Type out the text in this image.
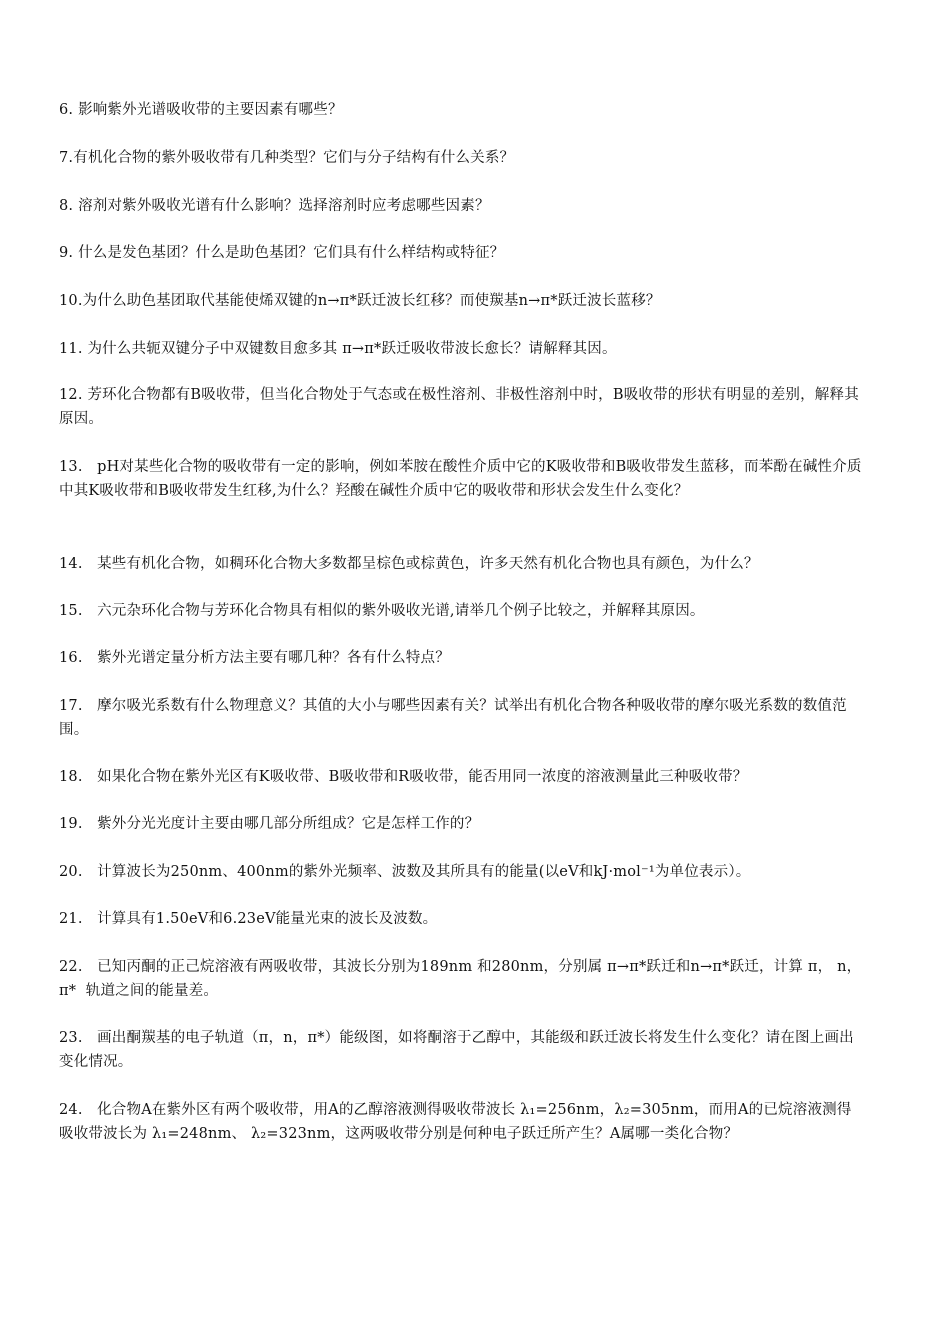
6. 影响紫外光谱吸收带的主要因素有哪些？

7.有机化合物的紫外吸收带有几种类型？它们与分子结构有什么关系？

8. 溶剂对紫外吸收光谱有什么影响？选择溶剂时应考虑哪些因素？

9. 什么是发色基团？什么是助色基团？它们具有什么样结构或特征？

10.为什么助色基团取代基能使烯双键的n→π*跃迁波长红移？而使羰基n→π*跃迁波长蓝移？

11. 为什么共轭双键分子中双键数目愈多其 π→π*跃迁吸收带波长愈长？请解释其因。

12. 芳环化合物都有B吸收带，但当化合物处于气态或在极性溶剂、非极性溶剂中时，B吸收带的形状有明显的差别，解释其原因。

13. pH对某些化合物的吸收带有一定的影响，例如苯胺在酸性介质中它的K吸收带和B吸收带发生蓝移，而苯酚在碱性介质中其K吸收带和B吸收带发生红移,为什么？羟酸在碱性介质中它的吸收带和形状会发生什么变化？

14. 某些有机化合物，如稠环化合物大多数都呈棕色或棕黄色，许多天然有机化合物也具有颜色，为什么？

15. 六元杂环化合物与芳环化合物具有相似的紫外吸收光谱,请举几个例子比较之，并解释其原因。

16. 紫外光谱定量分析方法主要有哪几种？各有什么特点？

17. 摩尔吸光系数有什么物理意义？其值的大小与哪些因素有关？试举出有机化合物各种吸收带的摩尔吸光系数的数值范围。

18. 如果化合物在紫外光区有K吸收带、B吸收带和R吸收带，能否用同一浓度的溶液测量此三种吸收带？

19. 紫外分光光度计主要由哪几部分所组成？它是怎样工作的？

20. 计算波长为250nm、400nm的紫外光频率、波数及其所具有的能量(以eV和kJ·mol⁻¹为单位表示）。

21. 计算具有1.50eV和6.23eV能量光束的波长及波数。

22. 已知丙酮的正己烷溶液有两吸收带，其波长分别为189nm 和280nm，分别属 π→π*跃迁和n→π*跃迁，计算 π， n， π*  轨道之间的能量差。

23. 画出酮羰基的电子轨道（π，n，π*）能级图，如将酮溶于乙醇中，其能级和跃迁波长将发生什么变化？请在图上画出变化情况。

24. 化合物A在紫外区有两个吸收带，用A的乙醇溶液测得吸收带波长 λ₁=256nm，λ₂=305nm，而用A的已烷溶液测得吸收带波长为 λ₁=248nm、 λ₂=323nm，这两吸收带分别是何种电子跃迁所产生？A属哪一类化合物？
